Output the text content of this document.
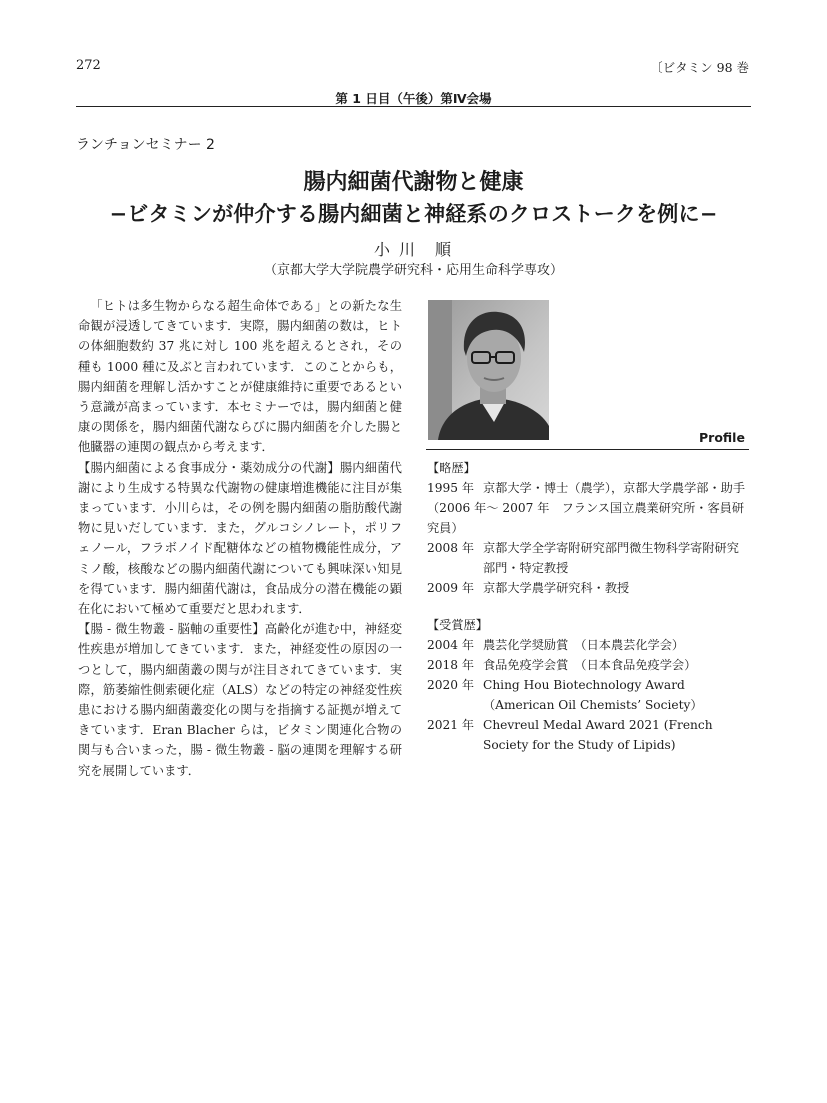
272	〔ビタミン 98 巻
第 1 日目（午後）第Ⅳ会場
ランチョンセミナー 2
腸内細菌代謝物と健康
−ビタミンが仲介する腸内細菌と神経系のクロストークを例に−
小 川　順
（京都大学大学院農学研究科・応用生命科学専攻）

「ヒトは多生物からなる超生命体である」との新たな生命観が浸透してきています．実際，腸内細菌の数は，ヒトの体細胞数約 37 兆に対し 100 兆を超えるとされ，その種も 1000 種に及ぶと言われています．このことからも，腸内細菌を理解し活かすことが健康維持に重要であるという意識が高まっています．本セミナーでは，腸内細菌と健康の関係を，腸内細菌代謝ならびに腸内細菌を介した腸と他臓器の連関の観点から考えます．

【腸内細菌による食事成分・薬効成分の代謝】腸内細菌代謝により生成する特異な代謝物の健康増進機能に注目が集まっています．小川らは，その例を腸内細菌の脂肪酸代謝物に見いだしています．また，グルコシノレート，ポリフェノール，フラボノイド配糖体などの植物機能性成分，アミノ酸，核酸などの腸内細菌代謝についても興味深い知見を得ています．腸内細菌代謝は，食品成分の潜在機能の顕在化において極めて重要だと思われます．

【腸 - 微生物叢 - 脳軸の重要性】高齢化が進む中，神経変性疾患が増加してきています．また，神経変性の原因の一つとして，腸内細菌叢の関与が注目されてきています．実際，筋萎縮性側索硬化症（ALS）などの特定の神経変性疾患における腸内細菌叢変化の関与を指摘する証拠が増えてきています．Eran Blacher らは，ビタミン関連化合物の関与も合いまった，腸 - 微生物叢 - 脳の連関を理解する研究を展開しています．

Profile
【略歴】
1995 年 京都大学・博士（農学），京都大学農学部・助手
（2006 年～ 2007 年　フランス国立農業研究所・客員研究員）
2008 年 京都大学全学寄附研究部門微生物科学寄附研究部門・特定教授
2009 年 京都大学農学研究科・教授
【受賞歴】
2004 年 農芸化学奨励賞　（日本農芸化学会）
2018 年 食品免疫学会賞　（日本食品免疫学会）
2020 年 Ching Hou Biotechnology Award（American Oil Chemists’ Society）
2021 年 Chevreul Medal Award 2021 (French Society for the Study of Lipids)
